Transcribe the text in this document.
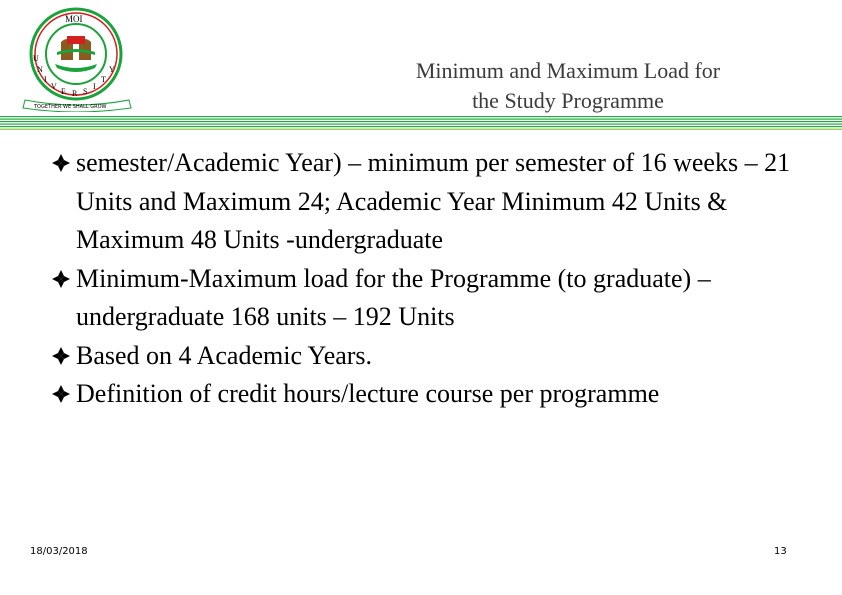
MOI
U
N
I
V
E R S
I
T
Y
TOGETHER WE SHALL GROW
Minimum and Maximum Load for
the Study Programme

semester/Academic Year) – minimum per semester of 16 weeks – 21 Units and Maximum 24; Academic Year Minimum 42 Units & Maximum 48 Units -undergraduate

Minimum-Maximum load for the Programme (to graduate) – undergraduate 168 units – 192 Units

Based on 4 Academic Years.

Definition of credit hours/lecture course per programme

18/03/2018	13
